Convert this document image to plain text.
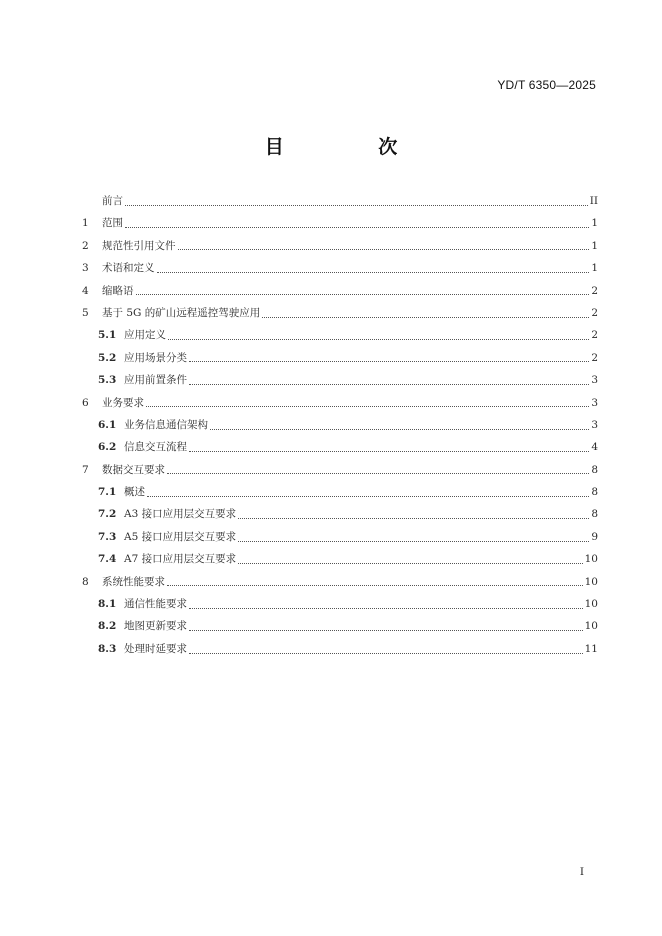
YD/T 6350—2025
目 次
前言	II
1	范围	1
2	规范性引用文件	1
3	术语和定义	1
4	缩略语	2
5	基于 5G 的矿山远程遥控驾驶应用	2
5.1 应用定义	2
5.2 应用场景分类	2
5.3 应用前置条件	3
6	业务要求	3
6.1 业务信息通信架构	3
6.2 信息交互流程	4
7	数据交互要求	8
7.1 概述	8
7.2 A3 接口应用层交互要求	8
7.3 A5 接口应用层交互要求	9
7.4 A7 接口应用层交互要求	10
8	系统性能要求	10
8.1 通信性能要求	10
8.2 地图更新要求	10
8.3 处理时延要求	11
I
